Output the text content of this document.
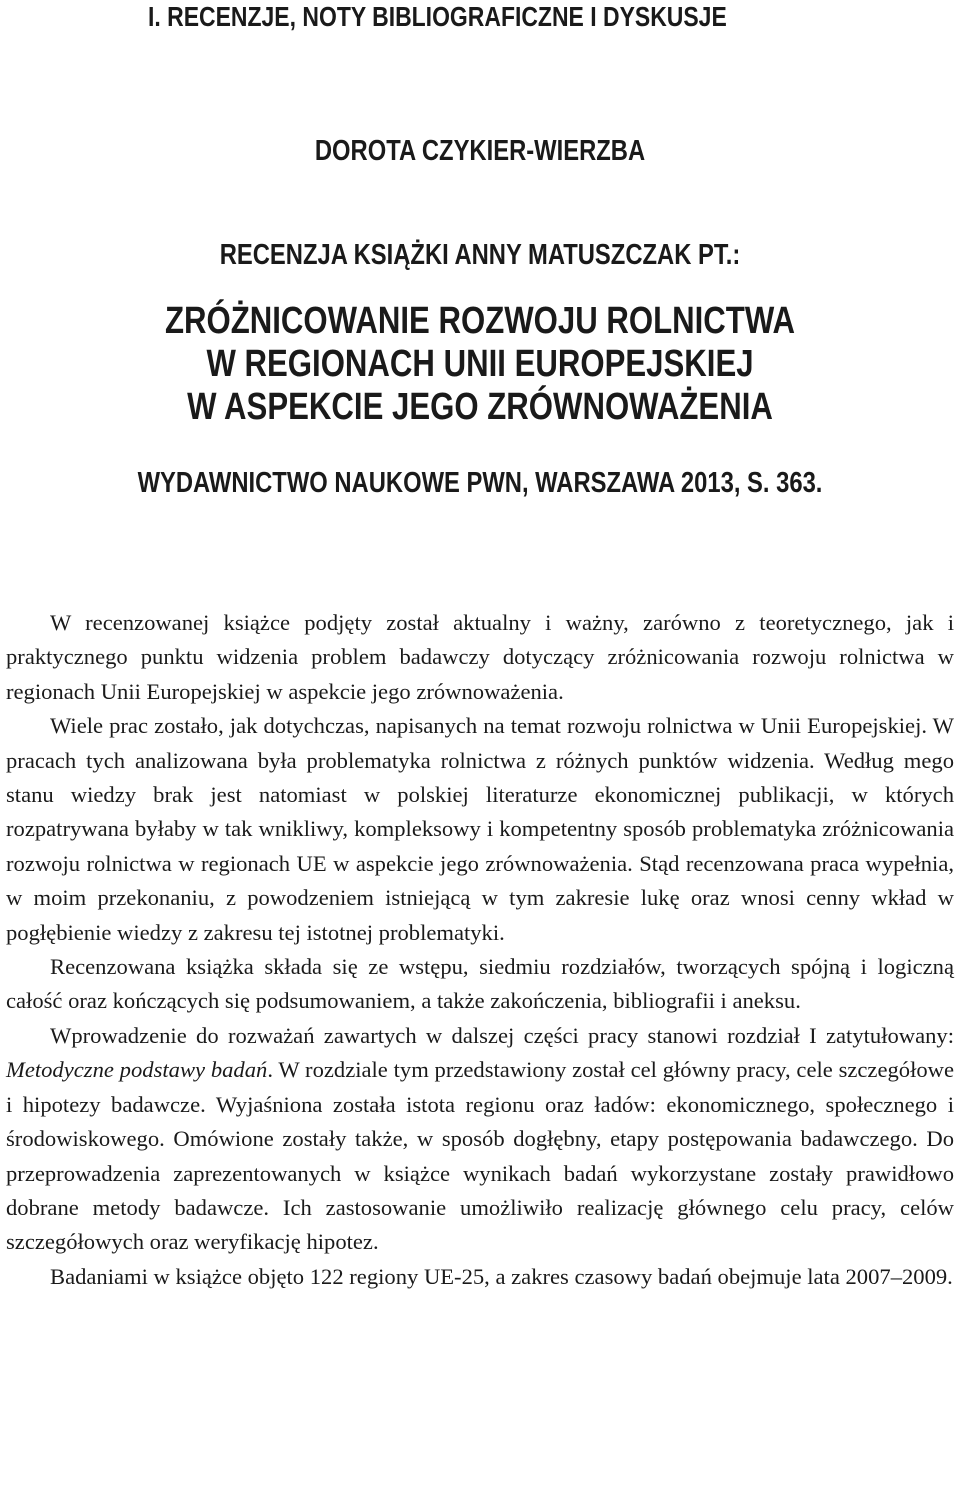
I. RECENZJE, NOTY BIBLIOGRAFICZNE I DYSKUSJE
DOROTA CZYKIER-WIERZBA
RECENZJA KSIĄŻKI ANNY MATUSZCZAK PT.:
ZRÓŻNICOWANIE ROZWOJU ROLNICTWA
W REGIONACH UNII EUROPEJSKIEJ
W ASPEKCIE JEGO ZRÓWNOWAŻENIA
WYDAWNICTWO NAUKOWE PWN, WARSZAWA 2013, S. 363.

W recenzowanej książce podjęty został aktualny i ważny, zarówno z teoretycznego, jak i praktycznego punktu widzenia problem badawczy dotyczący zróżnicowania rozwoju rolnictwa w regionach Unii Europejskiej w aspekcie jego zrównoważenia.

Wiele prac zostało, jak dotychczas, napisanych na temat rozwoju rolnictwa w Unii Europejskiej. W pracach tych analizowana była problematyka rolnictwa z różnych punktów widzenia. Według mego stanu wiedzy brak jest natomiast w polskiej literaturze ekonomicznej publikacji, w których rozpatrywana byłaby w tak wnikliwy, kompleksowy i kompetentny sposób problematyka zróżnicowania rozwoju rolnictwa w regionach UE w aspekcie jego zrównoważenia. Stąd recenzowana praca wypełnia, w moim przekonaniu, z powodzeniem istniejącą w tym zakresie lukę oraz wnosi cenny wkład w pogłębienie wiedzy z zakresu tej istotnej problematyki.

Recenzowana książka składa się ze wstępu, siedmiu rozdziałów, tworzących spójną i logiczną całość oraz kończących się podsumowaniem, a także zakończenia, bibliografii i aneksu.

Wprowadzenie do rozważań zawartych w dalszej części pracy stanowi rozdział I zatytułowany: Metodyczne podstawy badań. W rozdziale tym przedstawiony został cel główny pracy, cele szczegółowe i hipotezy badawcze. Wyjaśniona została istota regionu oraz ładów: ekonomicznego, społecznego i środowiskowego. Omówione zostały także, w sposób dogłębny, etapy postępowania badawczego. Do przeprowadzenia zaprezentowanych w książce wynikach badań wykorzystane zostały prawidłowo dobrane metody badawcze. Ich zastosowanie umożliwiło realizację głównego celu pracy, celów szczegółowych oraz weryfikację hipotez.

Badaniami w książce objęto 122 regiony UE-25, a zakres czasowy badań obejmuje lata 2007–2009.
